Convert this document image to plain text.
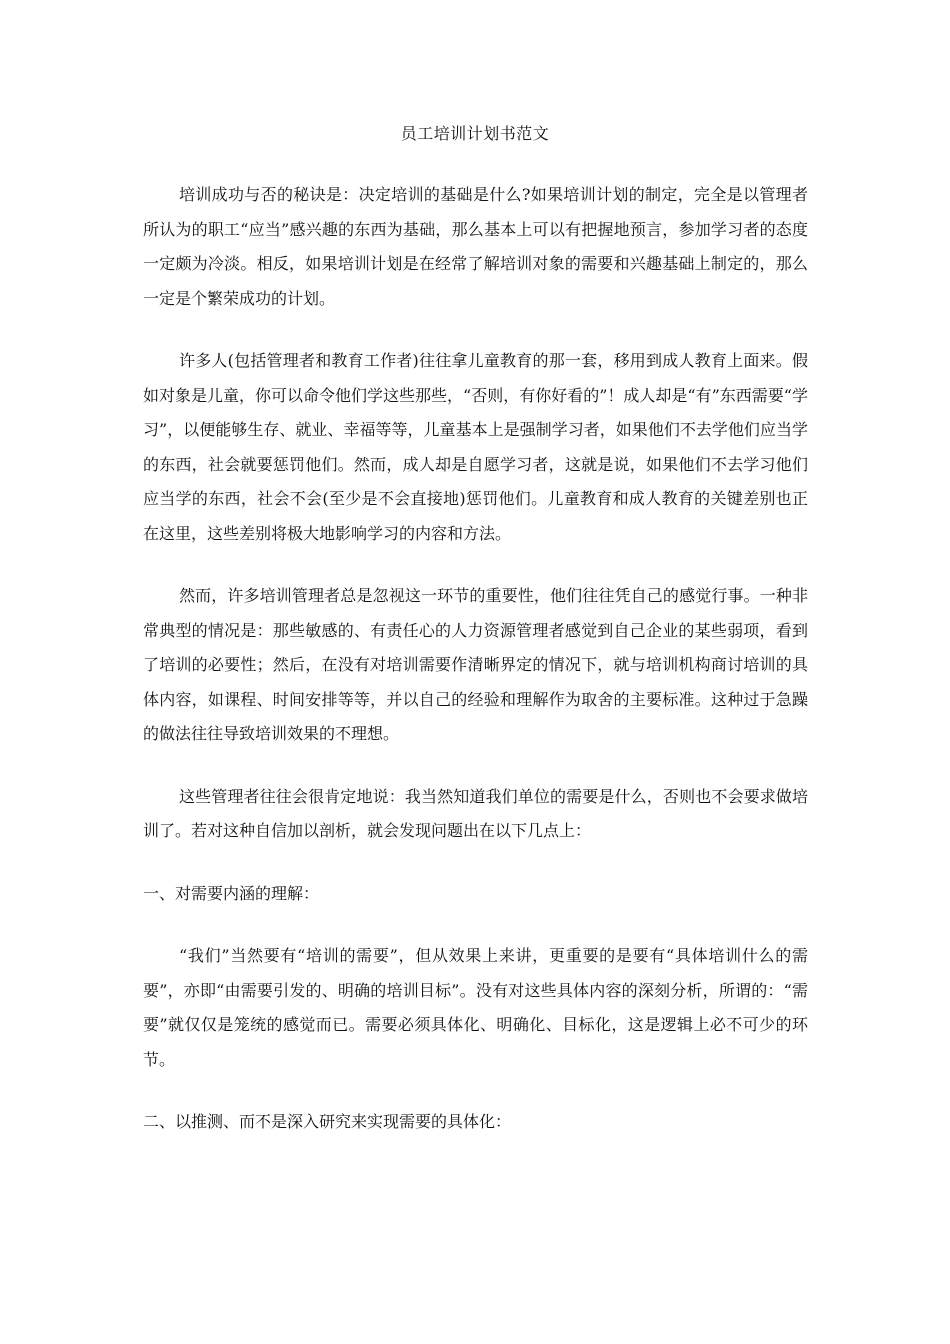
员工培训计划书范文

培训成功与否的秘诀是：决定培训的基础是什么?如果培训计划的制定，完全是以管理者所认为的职工“应当”感兴趣的东西为基础，那么基本上可以有把握地预言，参加学习者的态度一定颇为冷淡。相反，如果培训计划是在经常了解培训对象的需要和兴趣基础上制定的，那么一定是个繁荣成功的计划。

许多人(包括管理者和教育工作者)往往拿儿童教育的那一套，移用到成人教育上面来。假如对象是儿童，你可以命令他们学这些那些，“否则，有你好看的”！成人却是“有”东西需要“学习”，以便能够生存、就业、幸福等等，儿童基本上是强制学习者，如果他们不去学他们应当学的东西，社会就要惩罚他们。然而，成人却是自愿学习者，这就是说，如果他们不去学习他们应当学的东西，社会不会(至少是不会直接地)惩罚他们。儿童教育和成人教育的关键差别也正在这里，这些差别将极大地影响学习的内容和方法。

然而，许多培训管理者总是忽视这一环节的重要性，他们往往凭自己的感觉行事。一种非常典型的情况是：那些敏感的、有责任心的人力资源管理者感觉到自己企业的某些弱项，看到了培训的必要性；然后，在没有对培训需要作清晰界定的情况下，就与培训机构商讨培训的具体内容，如课程、时间安排等等，并以自己的经验和理解作为取舍的主要标准。这种过于急躁的做法往往导致培训效果的不理想。

这些管理者往往会很肯定地说：我当然知道我们单位的需要是什么，否则也不会要求做培训了。若对这种自信加以剖析，就会发现问题出在以下几点上：

一、对需要内涵的理解：

“我们”当然要有“培训的需要”，但从效果上来讲，更重要的是要有“具体培训什么的需要”，亦即“由需要引发的、明确的培训目标”。没有对这些具体内容的深刻分析，所谓的：“需要”就仅仅是笼统的感觉而已。需要必须具体化、明确化、目标化，这是逻辑上必不可少的环节。

二、以推测、而不是深入研究来实现需要的具体化：
